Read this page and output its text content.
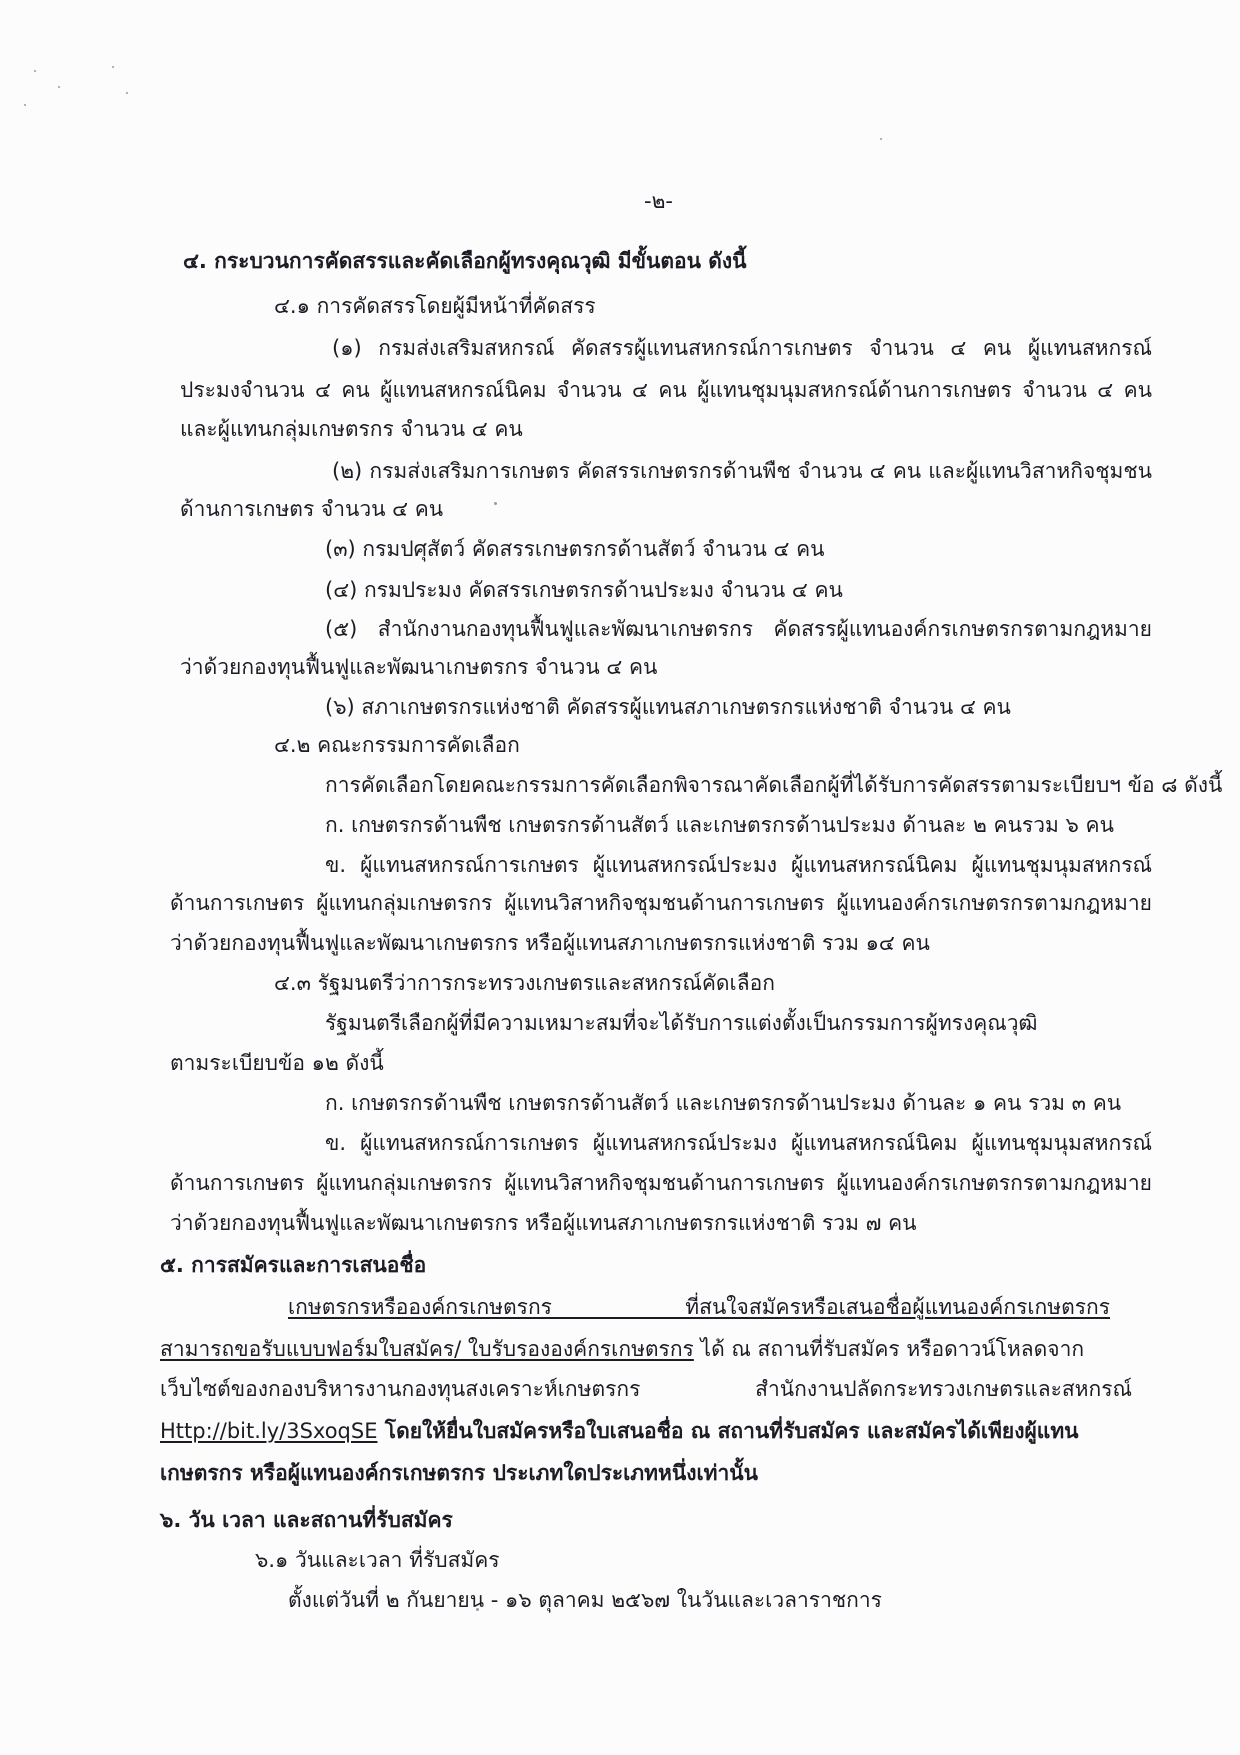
-๒-
๔. กระบวนการคัดสรรและคัดเลือกผู้ทรงคุณวุฒิ มีขั้นตอน ดังนี้
๔.๑ การคัดสรรโดยผู้มีหน้าที่คัดสรร
(๑) กรมส่งเสริมสหกรณ์ คัดสรรผู้แทนสหกรณ์การเกษตร จำนวน ๔ คน ผู้แทนสหกรณ์
ประมงจำนวน ๔ คน ผู้แทนสหกรณ์นิคม จำนวน ๔ คน ผู้แทนชุมนุมสหกรณ์ด้านการเกษตร จำนวน ๔ คน
และผู้แทนกลุ่มเกษตรกร จำนวน ๔ คน
(๒) กรมส่งเสริมการเกษตร คัดสรรเกษตรกรด้านพืช จำนวน ๔ คน และผู้แทนวิสาหกิจชุมชน
ด้านการเกษตร จำนวน ๔ คน
(๓) กรมปศุสัตว์ คัดสรรเกษตรกรด้านสัตว์ จำนวน ๔ คน
(๔) กรมประมง คัดสรรเกษตรกรด้านประมง จำนวน ๔ คน
(๕) สำนักงานกองทุนฟื้นฟูและพัฒนาเกษตรกร คัดสรรผู้แทนองค์กรเกษตรกรตามกฎหมาย
ว่าด้วยกองทุนฟื้นฟูและพัฒนาเกษตรกร จำนวน ๔ คน
(๖) สภาเกษตรกรแห่งชาติ คัดสรรผู้แทนสภาเกษตรกรแห่งชาติ จำนวน ๔ คน
๔.๒ คณะกรรมการคัดเลือก
การคัดเลือกโดยคณะกรรมการคัดเลือกพิจารณาคัดเลือกผู้ที่ได้รับการคัดสรรตามระเบียบฯ ข้อ ๘ ดังนี้
ก. เกษตรกรด้านพืช เกษตรกรด้านสัตว์ และเกษตรกรด้านประมง ด้านละ ๒ คนรวม ๖ คน
ข. ผู้แทนสหกรณ์การเกษตร ผู้แทนสหกรณ์ประมง ผู้แทนสหกรณ์นิคม ผู้แทนชุมนุมสหกรณ์
ด้านการเกษตร ผู้แทนกลุ่มเกษตรกร ผู้แทนวิสาหกิจชุมชนด้านการเกษตร ผู้แทนองค์กรเกษตรกรตามกฎหมาย
ว่าด้วยกองทุนฟื้นฟูและพัฒนาเกษตรกร หรือผู้แทนสภาเกษตรกรแห่งชาติ รวม ๑๔ คน
๔.๓ รัฐมนตรีว่าการกระทรวงเกษตรและสหกรณ์คัดเลือก
รัฐมนตรีเลือกผู้ที่มีความเหมาะสมที่จะได้รับการแต่งตั้งเป็นกรรมการผู้ทรงคุณวุฒิ
ตามระเบียบข้อ ๑๒ ดังนี้
ก. เกษตรกรด้านพืช เกษตรกรด้านสัตว์ และเกษตรกรด้านประมง ด้านละ ๑ คน รวม ๓ คน
ข. ผู้แทนสหกรณ์การเกษตร ผู้แทนสหกรณ์ประมง ผู้แทนสหกรณ์นิคม ผู้แทนชุมนุมสหกรณ์
ด้านการเกษตร ผู้แทนกลุ่มเกษตรกร ผู้แทนวิสาหกิจชุมชนด้านการเกษตร ผู้แทนองค์กรเกษตรกรตามกฎหมาย
ว่าด้วยกองทุนฟื้นฟูและพัฒนาเกษตรกร หรือผู้แทนสภาเกษตรกรแห่งชาติ รวม ๗ คน
๕. การสมัครและการเสนอชื่อ
เกษตรกรหรือองค์กรเกษตรกร ที่สนใจสมัครหรือเสนอชื่อผู้แทนองค์กรเกษตรกร
สามารถขอรับแบบฟอร์มใบสมัคร/ ใบรับรององค์กรเกษตรกร ได้ ณ สถานที่รับสมัคร หรือดาวน์โหลดจาก
เว็บไซต์ของกองบริหารงานกองทุนสงเคราะห์เกษตรกร สำนักงานปลัดกระทรวงเกษตรและสหกรณ์
Http://bit.ly/3SxoqSE โดยให้ยื่นใบสมัครหรือใบเสนอชื่อ ณ สถานที่รับสมัคร และสมัครได้เพียงผู้แทน
เกษตรกร หรือผู้แทนองค์กรเกษตรกร ประเภทใดประเภทหนึ่งเท่านั้น
๖. วัน เวลา และสถานที่รับสมัคร
๖.๑ วันและเวลา ที่รับสมัคร
ตั้งแต่วันที่ ๒ กันยายน - ๑๖ ตุลาคม ๒๕๖๗ ในวันและเวลาราชการ
